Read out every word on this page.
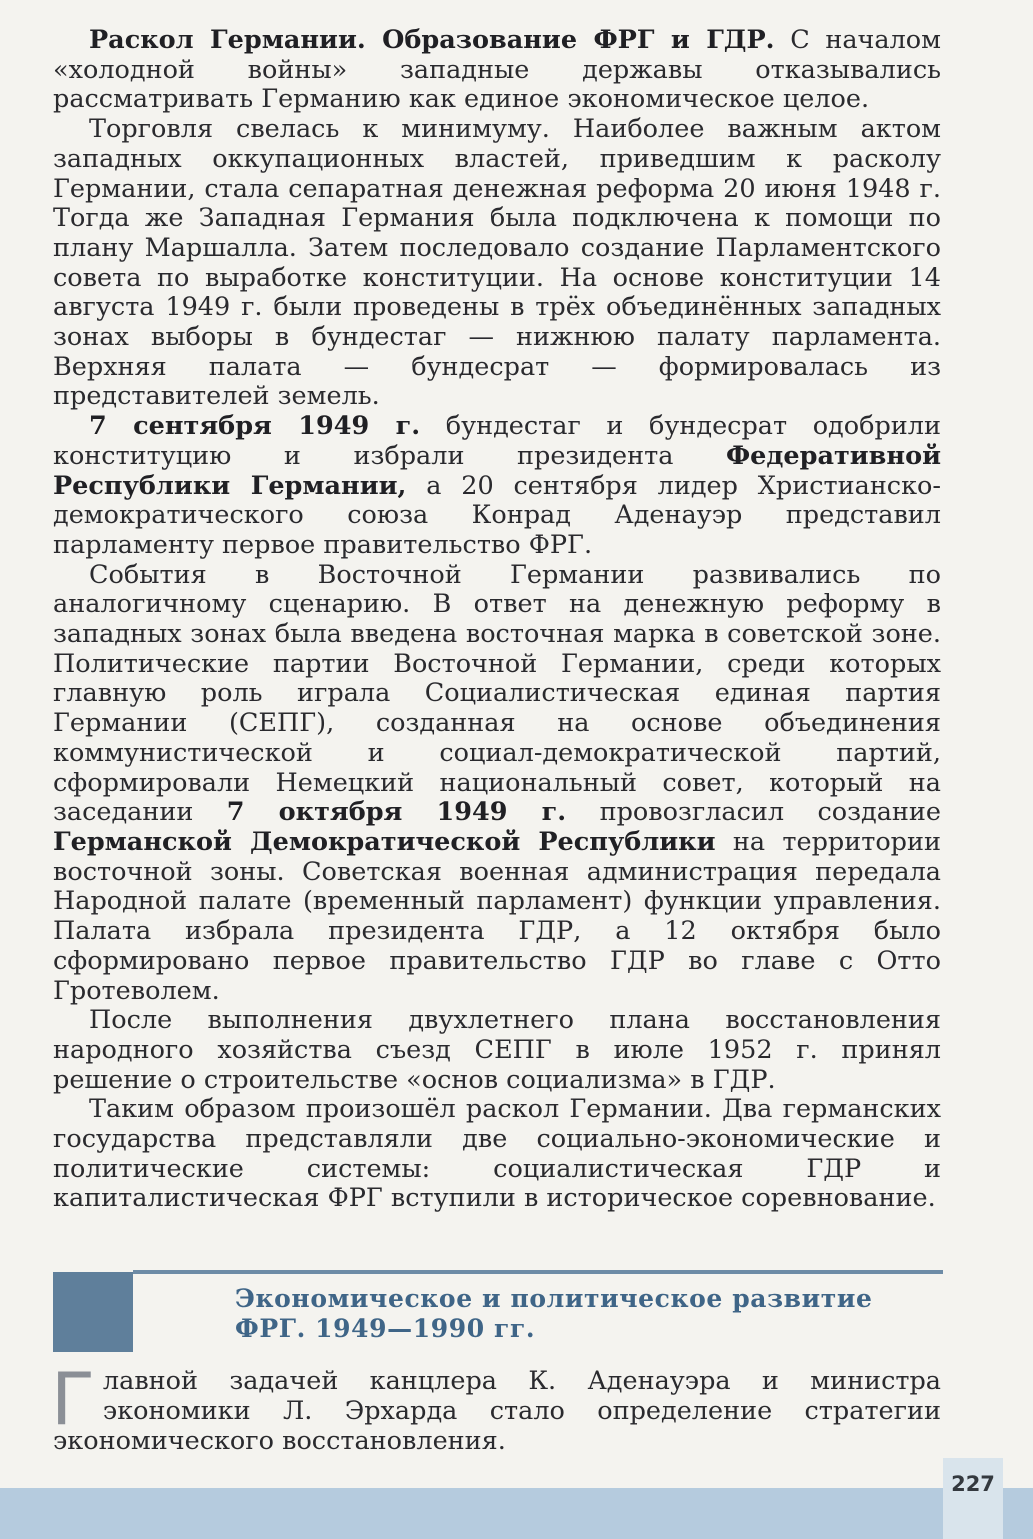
Раскол Германии. Образование ФРГ и ГДР. С началом «холодной войны» западные державы отказывались рассматривать Германию как единое экономическое целое.

Торговля свелась к минимуму. Наиболее важным актом западных оккупационных властей, приведшим к расколу Германии, стала сепаратная денежная реформа 20 июня 1948 г. Тогда же Западная Германия была подключена к помощи по плану Маршалла. Затем последовало создание Парламентского совета по выработке конституции. На основе конституции 14 августа 1949 г. были проведены в трёх объединённых западных зонах выборы в бундестаг — нижнюю палату парламента. Верхняя палата — бундесрат — формировалась из представителей земель.

7 сентября 1949 г. бундестаг и бундесрат одобрили конституцию и избрали президента Федеративной Республики Германии, а 20 сентября лидер Христианско-демократического союза Конрад Аденауэр представил парламенту первое правительство ФРГ.

События в Восточной Германии развивались по аналогичному сценарию. В ответ на денежную реформу в западных зонах была введена восточная марка в советской зоне. Политические партии Восточной Германии, среди которых главную роль играла Социалистическая единая партия Германии (СЕПГ), созданная на основе объединения коммунистической и социал-демократической партий, сформировали Немецкий национальный совет, который на заседании 7 октября 1949 г. провозгласил создание Германской Демократической Республики на территории восточной зоны. Советская военная администрация передала Народной палате (временный парламент) функции управления. Палата избрала президента ГДР, а 12 октября было сформировано первое правительство ГДР во главе с Отто Гротеволем.

После выполнения двухлетнего плана восстановления народного хозяйства съезд СЕПГ в июле 1952 г. принял решение о строительстве «основ социализма» в ГДР.

Таким образом произошёл раскол Германии. Два германских государства представляли две социально-экономические и политические системы: социалистическая ГДР и капиталистическая ФРГ вступили в историческое соревнование.

Экономическое и политическое развитие
ФРГ. 1949—1990 гг.
Г лавной задачей канцлера К. Аденауэра и министра экономики Л. Эрхарда стало определение стратегии экономического восстановления.
227
